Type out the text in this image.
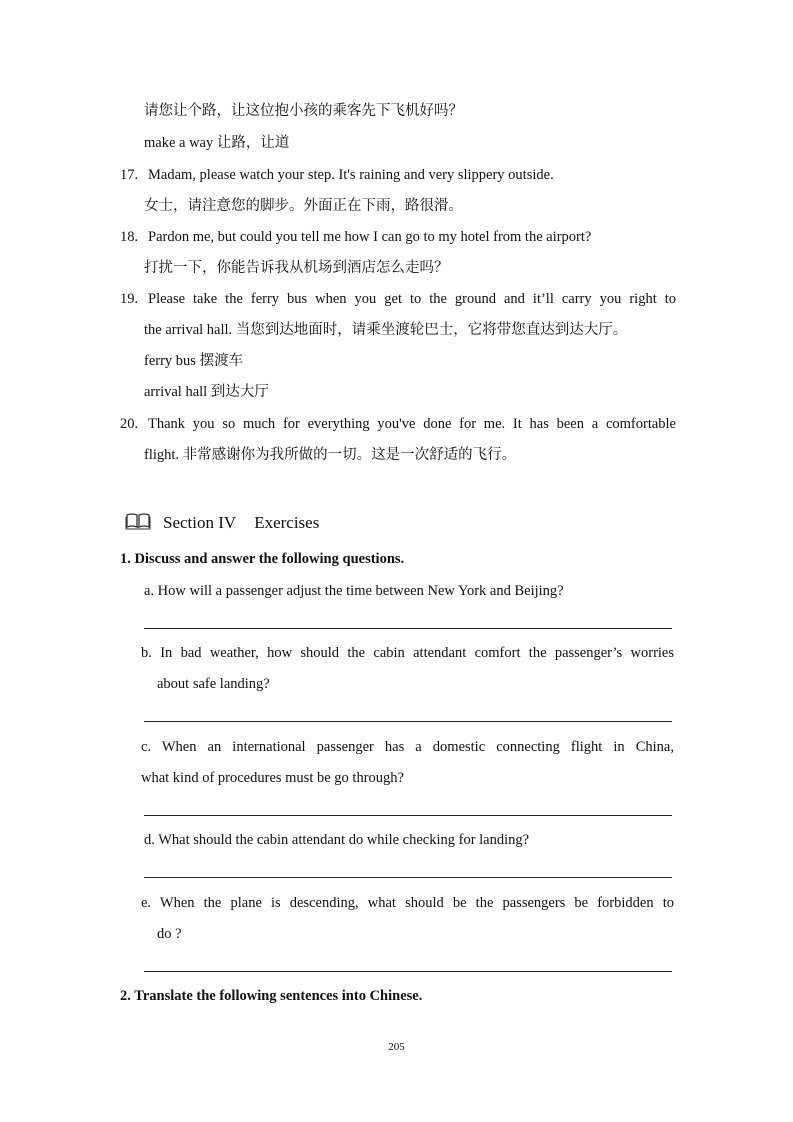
请您让个路，让这位抱小孩的乘客先下飞机好吗？
make a way 让路，让道
17. Madam, please watch your step. It's raining and very slippery outside.
女士，请注意您的脚步。外面正在下雨，路很滑。
18. Pardon me, but could you tell me how I can go to my hotel from the airport?
打扰一下，你能告诉我从机场到酒店怎么走吗？
19. Please take the ferry bus when you get to the ground and it’ll carry you right to
the arrival hall. 当您到达地面时，请乘坐渡轮巴士，它将带您直达到达大厅。
ferry bus 摆渡车
arrival hall 到达大厅
20. Thank you so much for everything you've done for me. It has been a comfortable
flight. 非常感谢你为我所做的一切。这是一次舒适的飞行。
Section IV Exercises
1. Discuss and answer the following questions.
a. How will a passenger adjust the time between New York and Beijing?
b. In bad weather, how should the cabin attendant comfort the passenger’s worries
about safe landing?
c. When an international passenger has a domestic connecting flight in China,
what kind of procedures must be go through?
d. What should the cabin attendant do while checking for landing?
e. When the plane is descending, what should be the passengers be forbidden to
do ?
2. Translate the following sentences into Chinese.
205
